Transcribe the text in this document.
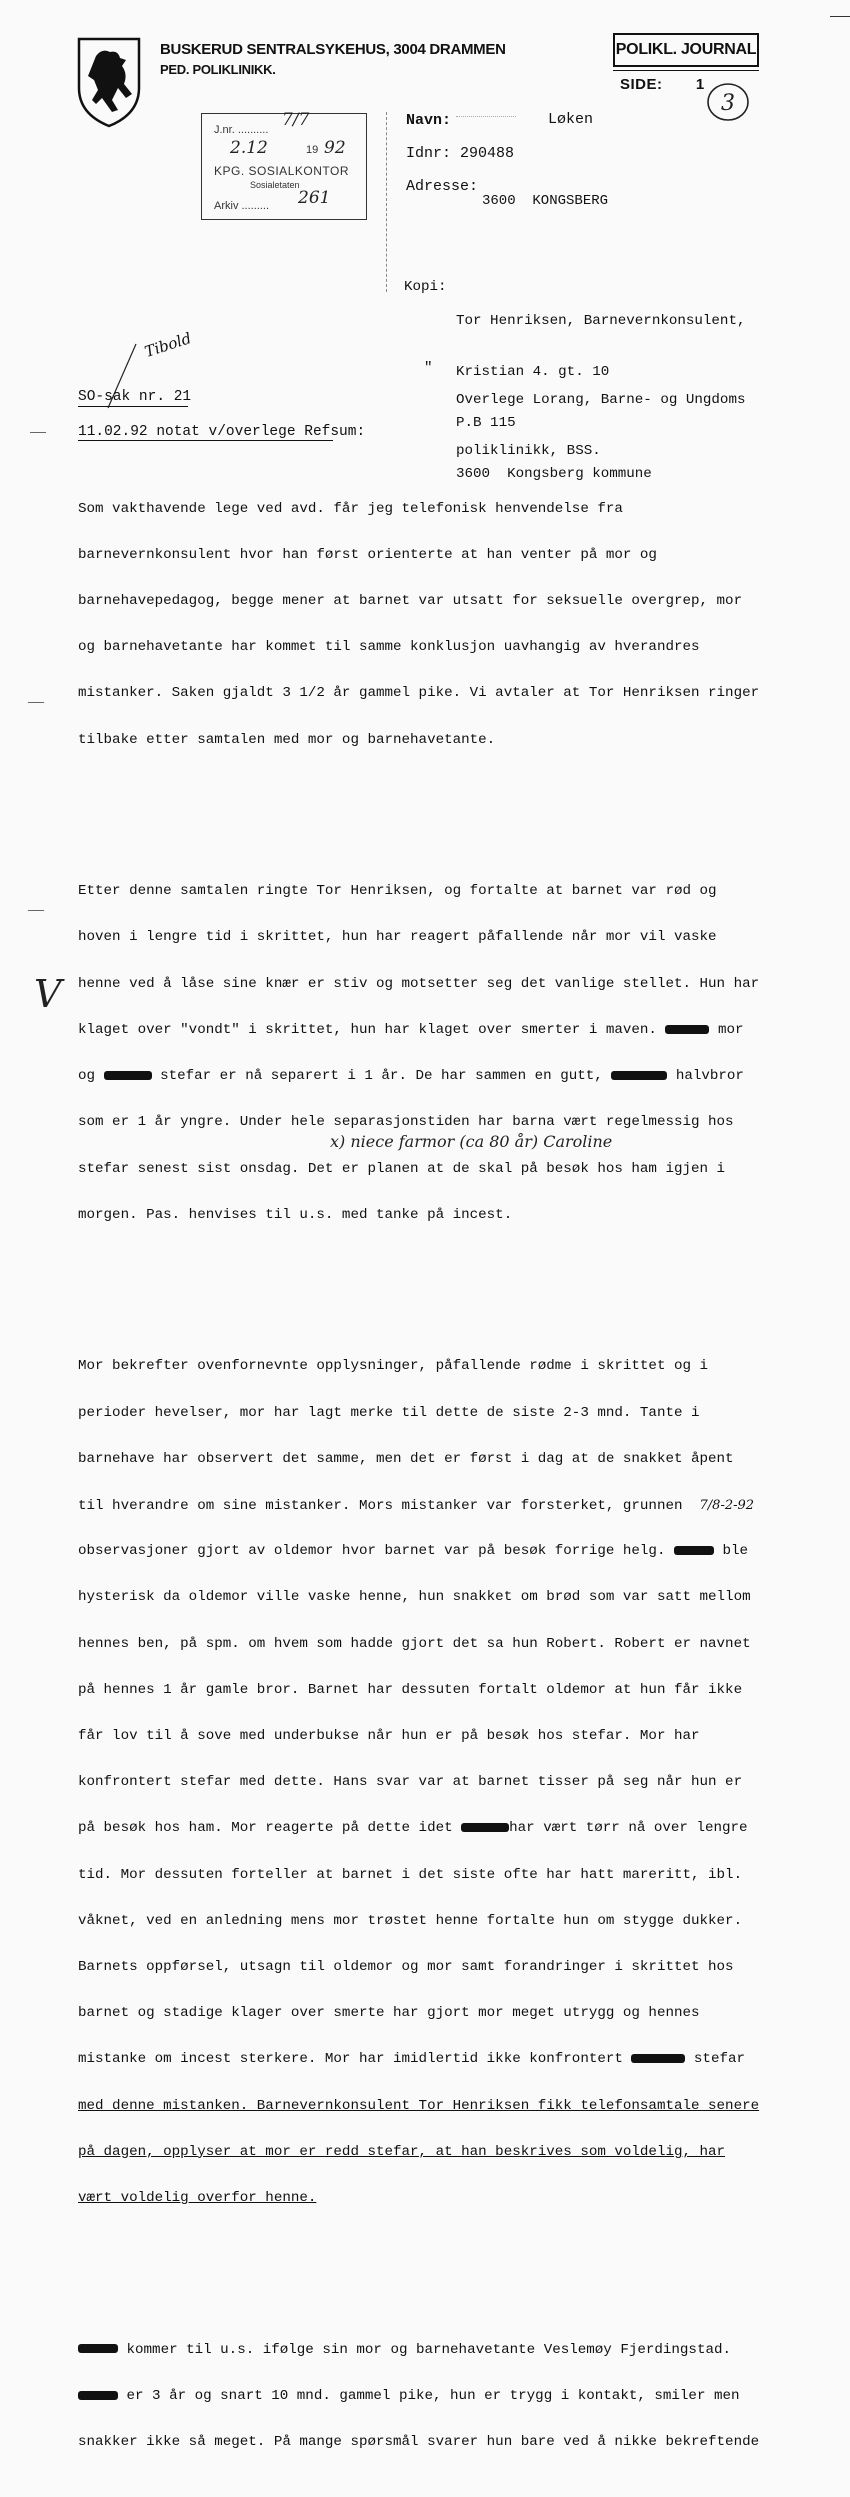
BUSKERUD SENTRALSYKEHUS, 3004 DRAMMEN
PED. POLIKLINIKK.
POLIKL. JOURNAL
SIDE: 1
3
J.nr. .......... 7/7
2.12	19 92
KPG. SOSIALKONTOR
Sosialetaten
Arkiv ......... 261
Navn:	Løken
Idnr: 290488
Adresse:
3600  KONGSBERG
Kopi:

Tor Henriksen, Barnevernkonsulent,

Kristian 4. gt. 10

P.B 115

3600  Kongsberg kommune

"

Overlege Lorang, Barne- og Ungdoms

poliklinikk, BSS.

Tibold
SO-sak nr. 21
11.02.92 notat v/overlege Refsum:

Som vakthavende lege ved avd. får jeg telefonisk henvendelse fra

barnevernkonsulent hvor han først orienterte at han venter på mor og

barnehavepedagog, begge mener at barnet var utsatt for seksuelle overgrep, mor

og barnehavetante har kommet til samme konklusjon uavhangig av hverandres

mistanker. Saken gjaldt 3 1/2 år gammel pike. Vi avtaler at Tor Henriksen ringer

tilbake etter samtalen med mor og barnehavetante.

Etter denne samtalen ringte Tor Henriksen, og fortalte at barnet var rød og

hoven i lengre tid i skrittet, hun har reagert påfallende når mor vil vaske

henne ved å låse sine knær er stiv og motsetter seg det vanlige stellet. Hun har

klaget over "vondt" i skrittet, hun har klaget over smerter i maven.	mor

og	stefar er nå separert i 1 år. De har sammen en gutt,	halvbror

som er 1 år yngre. Under hele separasjonstiden har barna vært regelmessig hos

stefar senest sist onsdag. Det er planen at de skal på besøk hos ham igjen i

morgen. Pas. henvises til u.s. med tanke på incest.

Mor bekrefter ovenfornevnte opplysninger, påfallende rødme i skrittet og i

perioder hevelser, mor har lagt merke til dette de siste 2-3 mnd. Tante i

barnehave har observert det samme, men det er først i dag at de snakket åpent

til hverandre om sine mistanker. Mors mistanker var forsterket, grunnen 7/8-2-92

observasjoner gjort av oldemor hvor barnet var på besøk forrige helg.	ble

hysterisk da oldemor ville vaske henne, hun snakket om brød som var satt mellom

hennes ben, på spm. om hvem som hadde gjort det sa hun Robert. Robert er navnet

på hennes 1 år gamle bror. Barnet har dessuten fortalt oldemor at hun får ikke

får lov til å sove med underbukse når hun er på besøk hos stefar. Mor har

konfrontert stefar med dette. Hans svar var at barnet tisser på seg når hun er

på besøk hos ham. Mor reagerte på dette idet	har vært tørr nå over lengre

tid. Mor dessuten forteller at barnet i det siste ofte har hatt mareritt, ibl.

våknet, ved en anledning mens mor trøstet henne fortalte hun om stygge dukker.

Barnets oppførsel, utsagn til oldemor og mor samt forandringer i skrittet hos

barnet og stadige klager over smerte har gjort mor meget utrygg og hennes

mistanke om incest sterkere. Mor har imidlertid ikke konfrontert	stefar

med denne mistanken. Barnevernkonsulent Tor Henriksen fikk telefonsamtale senere

på dagen, opplyser at mor er redd stefar, at han beskrives som voldelig, har

vært voldelig overfor henne.

kommer til u.s. ifølge sin mor og barnehavetante Veslemøy Fjerdingstad.

er 3 år og snart 10 mnd. gammel pike, hun er trygg i kontakt, smiler men

snakker ikke så meget. På mange spørsmål svarer hun bare ved å nikke bekreftende

V
x) niece farmor (ca 80 år) Caroline
